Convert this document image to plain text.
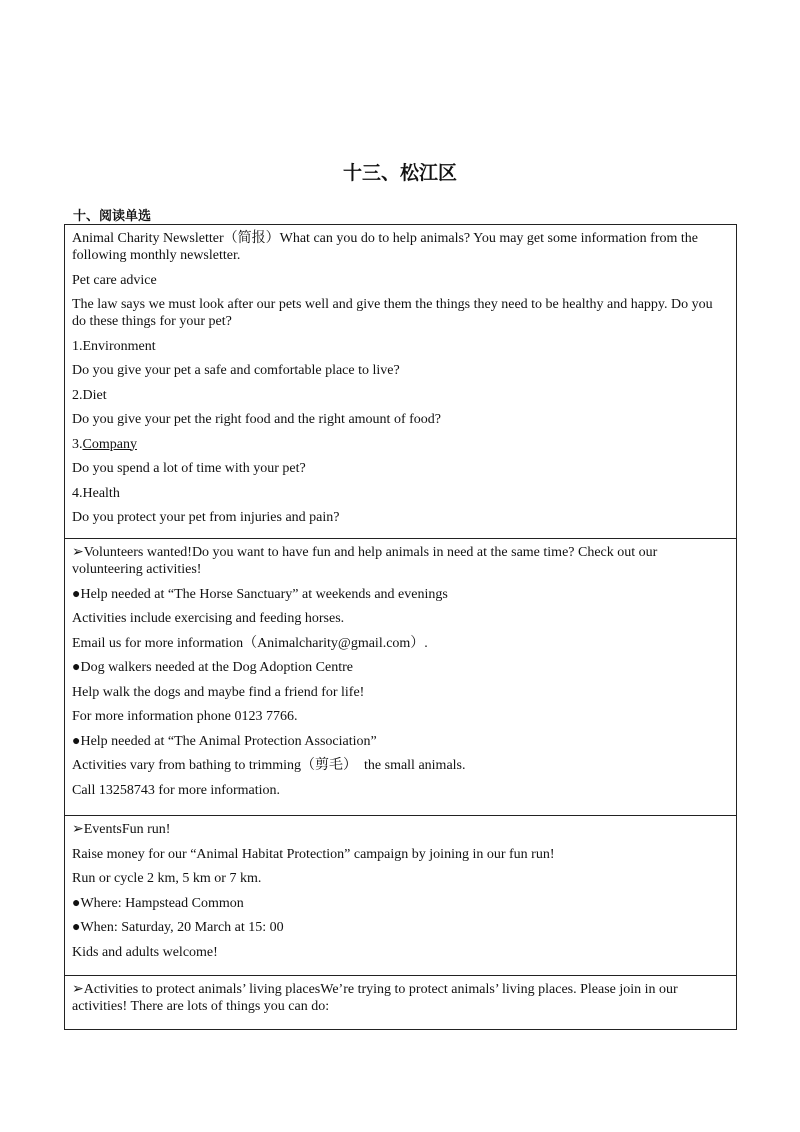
十三、松江区
十、阅读单选

Animal Charity Newsletter（简报）What can you do to help animals? You may get some information from the following monthly newsletter.

Pet care advice

The law says we must look after our pets well and give them the things they need to be healthy and happy. Do you do these things for your pet?

1.Environment

Do you give your pet a safe and comfortable place to live?

2.Diet

Do you give your pet the right food and the right amount of food?

3.Company

Do you spend a lot of time with your pet?

4.Health

Do you protect your pet from injuries and pain?

➢Volunteers wanted!Do you want to have fun and help animals in need at the same time? Check out our volunteering activities!

●Help needed at “The Horse Sanctuary” at weekends and evenings

Activities include exercising and feeding horses.

Email us for more information（Animalcharity@gmail.com）.

●Dog walkers needed at the Dog Adoption Centre

Help walk the dogs and maybe find a friend for life!

For more information phone 0123 7766.

●Help needed at “The Animal Protection Association”

Activities vary from bathing to trimming（剪毛）　the small animals.

Call 13258743 for more information.

➢EventsFun run!

Raise money for our “Animal Habitat Protection” campaign by joining in our fun run!

Run or cycle 2 km, 5 km or 7 km.

●Where: Hampstead Common

●When: Saturday, 20 March at 15: 00

Kids and adults welcome!

➢Activities to protect animals’ living placesWe’re trying to protect animals’ living places. Please join in our activities! There are lots of things you can do:
